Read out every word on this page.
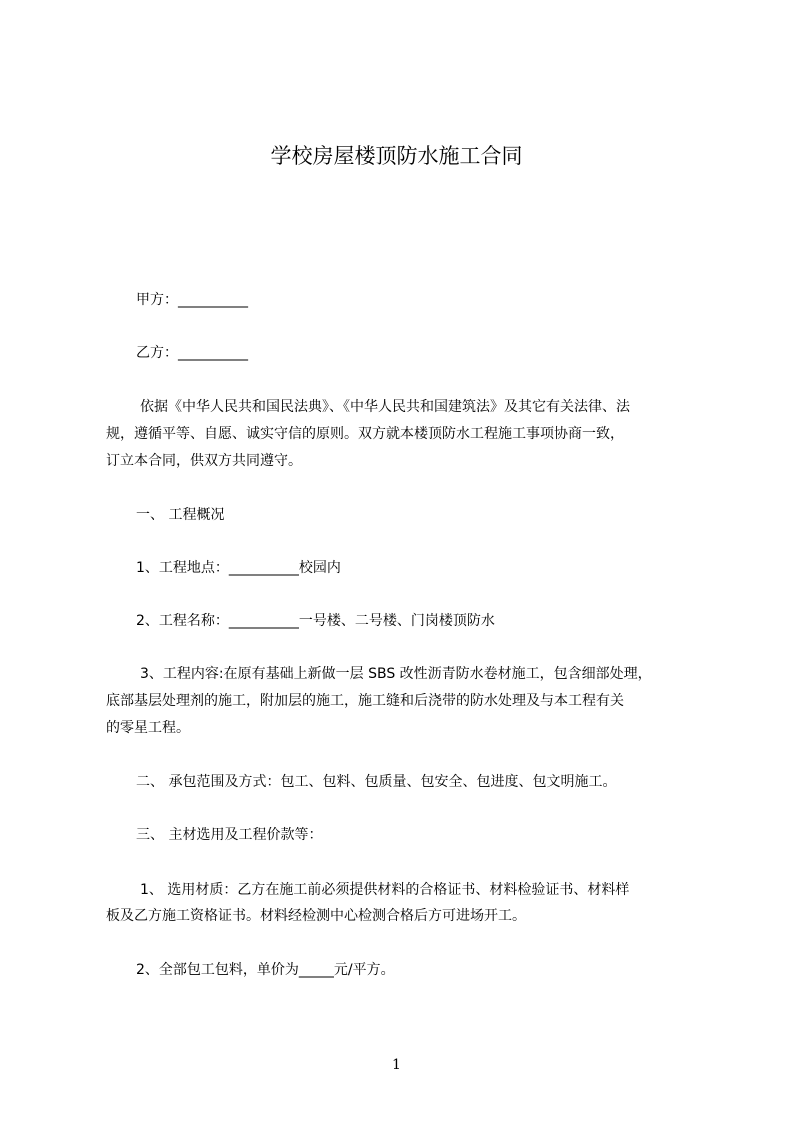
学校房屋楼顶防水施工合同
甲方：__________
乙方：__________
依据《中华人民共和国民法典》、《中华人民共和国建筑法》及其它有关法律、法
规，遵循平等、自愿、诚实守信的原则。双方就本楼顶防水工程施工事项协商一致，
订立本合同，供双方共同遵守。
一、 工程概况
1、工程地点：__________校园内
2、工程名称：__________一号楼、二号楼、门岗楼顶防水
3、工程内容:在原有基础上新做一层 SBS 改性沥青防水卷材施工，包含细部处理，
底部基层处理剂的施工，附加层的施工，施工缝和后浇带的防水处理及与本工程有关
的零星工程。
二、 承包范围及方式：包工、包料、包质量、包安全、包进度、包文明施工。
三、 主材选用及工程价款等：
1、 选用材质：乙方在施工前必须提供材料的合格证书、材料检验证书、材料样
板及乙方施工资格证书。材料经检测中心检测合格后方可进场开工。
2、全部包工包料，单价为_____元/平方。
1
